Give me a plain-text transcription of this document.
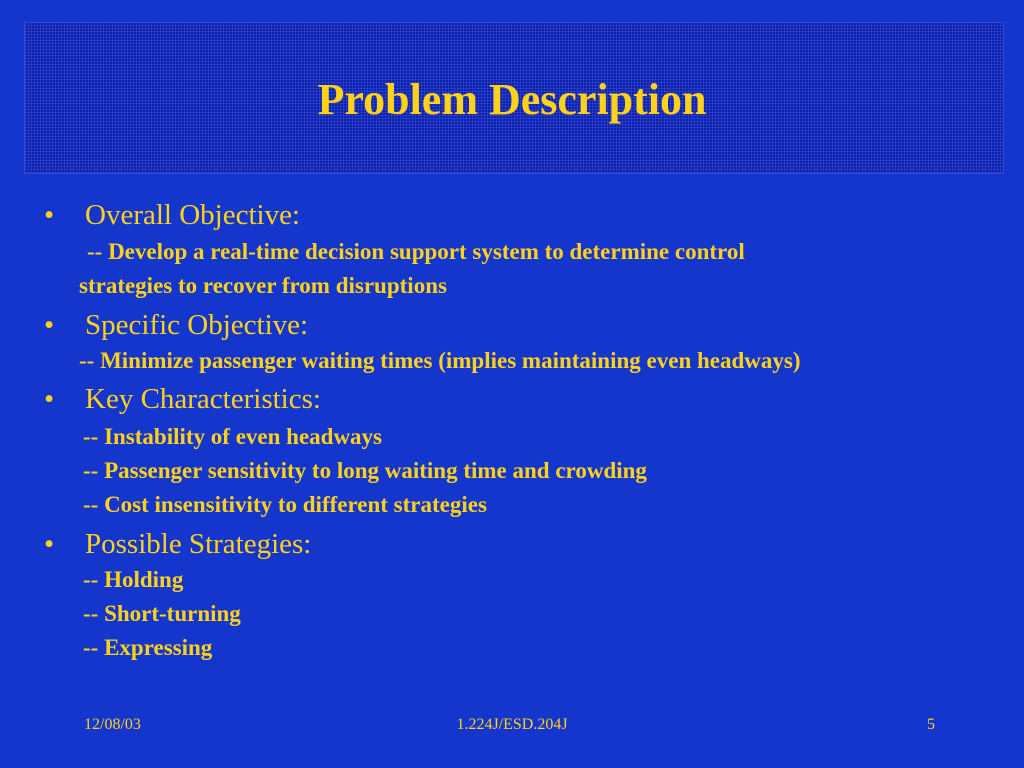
Problem Description
• Overall Objective:
-- Develop a real-time decision support system to determine control
strategies to recover from disruptions
• Specific Objective:
-- Minimize passenger waiting times (implies maintaining even headways)
• Key Characteristics:
-- Instability of even headways
-- Passenger sensitivity to long waiting time and crowding
-- Cost insensitivity to different strategies
• Possible Strategies:
-- Holding
-- Short-turning
-- Expressing
12/08/03	1.224J/ESD.204J	5
